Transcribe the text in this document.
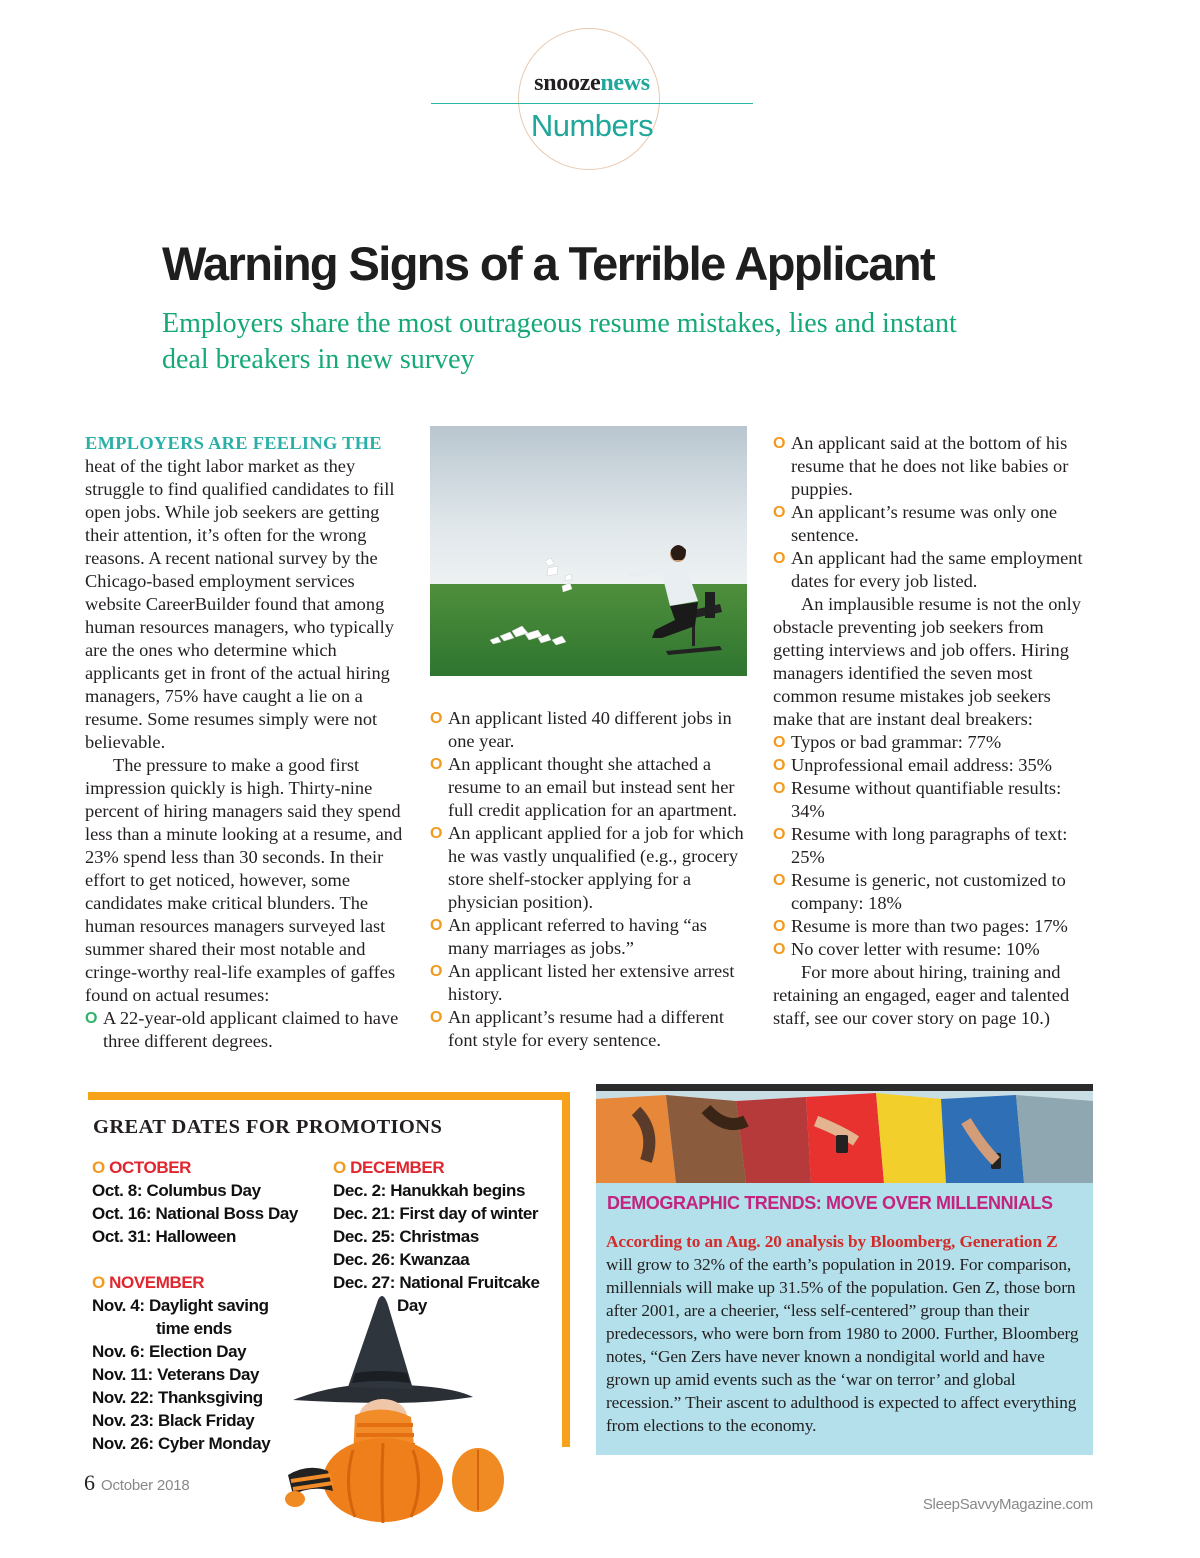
snoozenews
Numbers
Warning Signs of a Terrible Applicant
Employers share the most outrageous resume mistakes, lies and instant deal breakers in new survey

EMPLOYERS ARE FEELING THE heat of the tight labor market as they struggle to find qualified candidates to fill open jobs. While job seekers are getting their attention, it’s often for the wrong reasons. A recent national survey by the Chicago-based employment services website CareerBuilder found that among human resources managers, who typically are the ones who determine which applicants get in front of the actual hiring managers, 75% have caught a lie on a resume. Some resumes simply were not believable.

The pressure to make a good first impression quickly is high. Thirty-nine percent of hiring managers said they spend less than a minute looking at a resume, and 23% spend less than 30 seconds. In their effort to get noticed, however, some candidates make critical blunders. The human resources managers surveyed last summer shared their most notable and cringe-worthy real-life examples of gaffes found on actual resumes:

O A 22-year-old applicant claimed to have three different degrees.
O An applicant listed 40 different jobs in one year.
O An applicant thought she attached a resume to an email but instead sent her full credit application for an apartment.
O An applicant applied for a job for which he was vastly unqualified (e.g., grocery store shelf-stocker applying for a physician position).
O An applicant referred to having “as many marriages as jobs.”
O An applicant listed her extensive arrest history.
O An applicant’s resume had a different font style for every sentence.
O An applicant said at the bottom of his resume that he does not like babies or puppies.
O An applicant’s resume was only one sentence.
O An applicant had the same employment dates for every job listed.

An implausible resume is not the only obstacle preventing job seekers from getting interviews and job offers. Hiring managers identified the seven most common resume mistakes job seekers make that are instant deal breakers:

O Typos or bad grammar: 77%
O Unprofessional email address: 35%
O Resume without quantifiable results: 34%
O Resume with long paragraphs of text: 25%
O Resume is generic, not customized to company: 18%
O Resume is more than two pages: 17%
O No cover letter with resume: 10%

For more about hiring, training and retaining an engaged, eager and talented staff, see our cover story on page 10.)

GREAT DATES FOR PROMOTIONS
O OCTOBER
Oct. 8: Columbus Day
Oct. 16: National Boss Day
Oct. 31: Halloween
O NOVEMBER
Nov. 4: Daylight saving
time ends
Nov. 6: Election Day
Nov. 11: Veterans Day
Nov. 22: Thanksgiving
Nov. 23: Black Friday
Nov. 26: Cyber Monday
O DECEMBER
Dec. 2: Hanukkah begins
Dec. 21: First day of winter
Dec. 25: Christmas
Dec. 26: Kwanzaa
Dec. 27: National Fruitcake
Day
DEMOGRAPHIC TRENDS: MOVE OVER MILLENNIALS
According to an Aug. 20 analysis by Bloomberg, Generation Z will grow to 32% of the earth’s population in 2019. For comparison, millennials will make up 31.5% of the population. Gen Z, those born after 2001, are a cheerier, “less self-centered” group than their predecessors, who were born from 1980 to 2000. Further, Bloomberg notes, “Gen Zers have never known a nondigital world and have grown up amid events such as the ‘war on terror’ and global recession.” Their ascent to adulthood is expected to affect everything from elections to the economy.
6 October 2018
SleepSavvyMagazine.com
